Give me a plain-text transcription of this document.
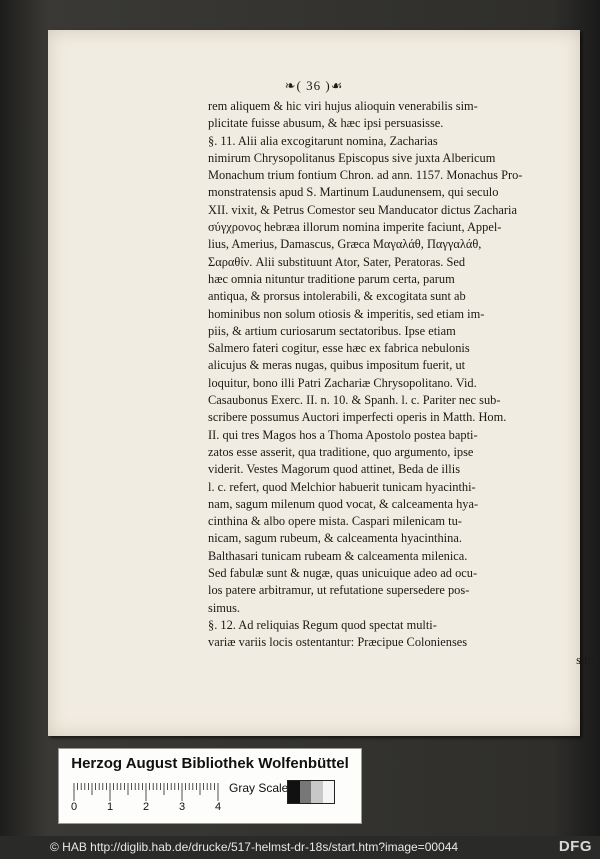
❧( 36 )☙
rem aliquem & hic viri hujus alioquin venerabilis sim-
plicitate fuisse abusum, & hæc ipsi persuasisse.
§. 11. Alii alia excogitarunt nomina, Zacharias
nimirum Chrysopolitanus Episcopus sive juxta Albericum
Monachum trium fontium Chron. ad ann. 1157. Monachus Pro-
monstratensis apud S. Martinum Laudunensem, qui seculo
XII. vixit, & Petrus Comestor seu Manducator dictus Zacharia
σύγχρονος hebræa illorum nomina imperite faciunt, Appel-
lius, Amerius, Damascus, Græca Μαγαλάθ, Παγγαλάθ,
Σαραθίν. Alii substituunt Ator, Sater, Peratoras. Sed
hæc omnia nituntur traditione parum certa, parum
antiqua, & prorsus intolerabili, & excogitata sunt ab
hominibus non solum otiosis & imperitis, sed etiam im-
piis, & artium curiosarum sectatoribus. Ipse etiam
Salmero fateri cogitur, esse hæc ex fabrica nebulonis
alicujus & meras nugas, quibus impositum fuerit, ut
loquitur, bono illi Patri Zachariæ Chrysopolitano. Vid.
Casaubonus Exerc. II. n. 10. & Spanh. l. c. Pariter nec sub-
scribere possumus Auctori imperfecti operis in Matth. Hom.
II. qui tres Magos hos a Thoma Apostolo postea bapti-
zatos esse asserit, qua traditione, quo argumento, ipse
viderit. Vestes Magorum quod attinet, Beda de illis
l. c. refert, quod Melchior habuerit tunicam hyacinthi-
nam, sagum milenum quod vocat, & calceamenta hya-
cinthina & albo opere mista. Caspari milenicam tu-
nicam, sagum rubeum, & calceamenta hyacinthina.
Balthasari tunicam rubeam & calceamenta milenica.
Sed fabulæ sunt & nugæ, quas unicuique adeo ad ocu-
los patere arbitramur, ut refutatione supersedere pos-
simus.
§. 12. Ad reliquias Regum quod spectat multi-
variæ variis locis ostentantur: Præcipue Colonienses
sibi
Herzog August Bibliothek Wolfenbüttel
0	1	2	3	4
Gray Scale
© HAB http://diglib.hab.de/drucke/517-helmst-dr-18s/start.htm?image=00044	DFG
